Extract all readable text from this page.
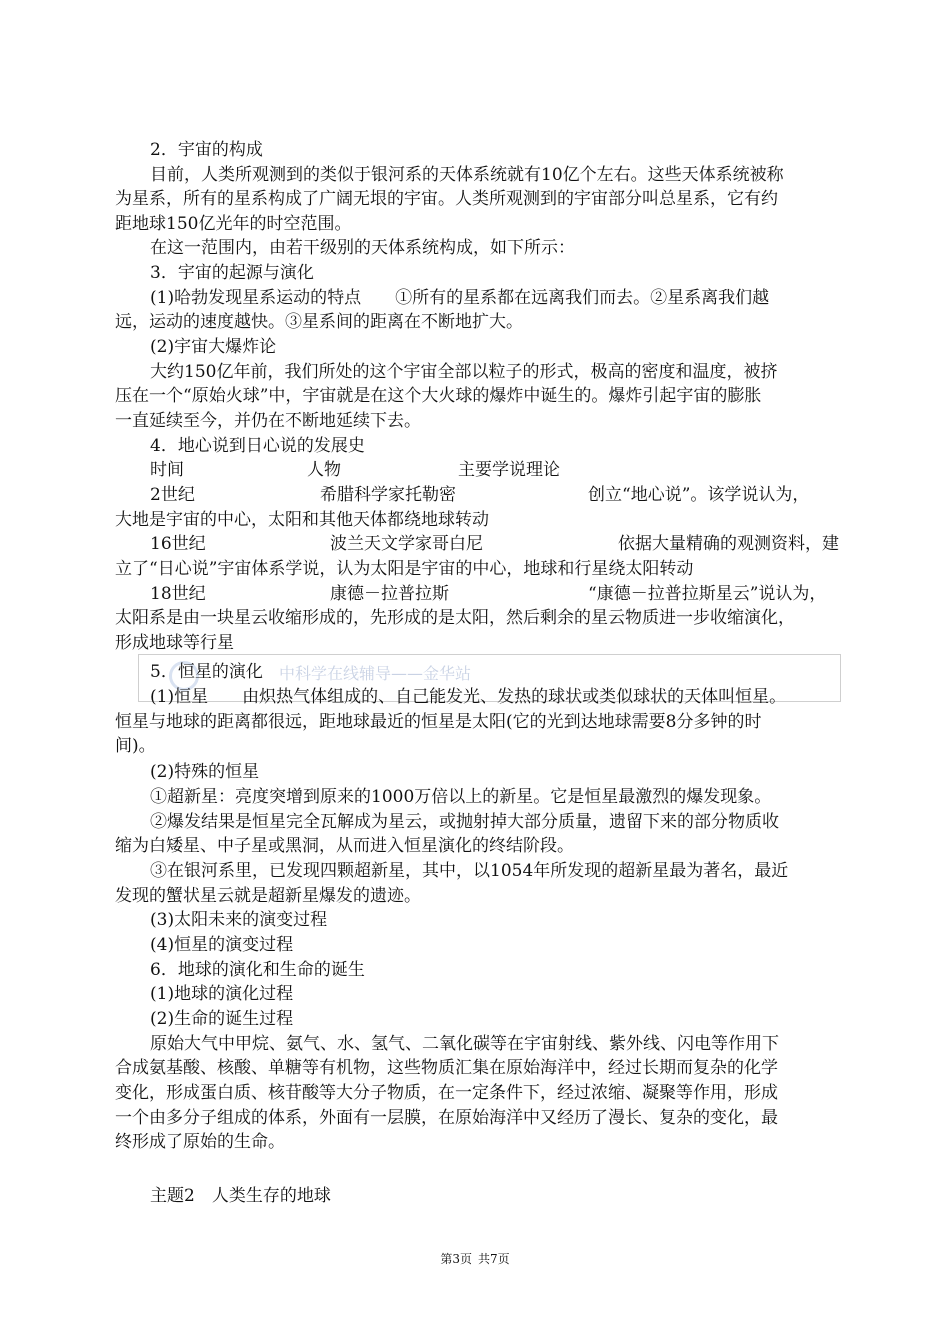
2．宇宙的构成
目前，人类所观测到的类似于银河系的天体系统就有10亿个左右。这些天体系统被称
为星系，所有的星系构成了广阔无垠的宇宙。人类所观测到的宇宙部分叫总星系，它有约
距地球150亿光年的时空范围。
在这一范围内，由若干级别的天体系统构成，如下所示：
3．宇宙的起源与演化
(1)哈勃发现星系运动的特点　　①所有的星系都在远离我们而去。②星系离我们越
远，运动的速度越快。③星系间的距离在不断地扩大。
(2)宇宙大爆炸论
大约150亿年前，我们所处的这个宇宙全部以粒子的形式，极高的密度和温度，被挤
压在一个“原始火球”中，宇宙就是在这个大火球的爆炸中诞生的。爆炸引起宇宙的膨胀
一直延续至今，并仍在不断地延续下去。
4．地心说到日心说的发展史
时间	人物	主要学说理论
2世纪	希腊科学家托勒密	创立“地心说”。该学说认为，
大地是宇宙的中心，太阳和其他天体都绕地球转动
16世纪	波兰天文学家哥白尼	依据大量精确的观测资料，建
立了“日心说”宇宙体系学说，认为太阳是宇宙的中心，地球和行星绕太阳转动
18世纪	康德－拉普拉斯	“康德－拉普拉斯星云”说认为，
太阳系是由一块星云收缩形成的，先形成的是太阳，然后剩余的星云物质进一步收缩演化，
形成地球等行星
中科学在线辅导——金华站
5．恒星的演化
(1)恒星　　由炽热气体组成的、自己能发光、发热的球状或类似球状的天体叫恒星。
恒星与地球的距离都很远，距地球最近的恒星是太阳(它的光到达地球需要8分多钟的时
间)。
(2)特殊的恒星
①超新星：亮度突增到原来的1000万倍以上的新星。它是恒星最激烈的爆发现象。
②爆发结果是恒星完全瓦解成为星云，或抛射掉大部分质量，遗留下来的部分物质收
缩为白矮星、中子星或黑洞，从而进入恒星演化的终结阶段。
③在银河系里，已发现四颗超新星，其中，以1054年所发现的超新星最为著名，最近
发现的蟹状星云就是超新星爆发的遗迹。
(3)太阳未来的演变过程
(4)恒星的演变过程
6．地球的演化和生命的诞生
(1)地球的演化过程
(2)生命的诞生过程
原始大气中甲烷、氨气、水、氢气、二氧化碳等在宇宙射线、紫外线、闪电等作用下
合成氨基酸、核酸、单糖等有机物，这些物质汇集在原始海洋中，经过长期而复杂的化学
变化，形成蛋白质、核苷酸等大分子物质，在一定条件下，经过浓缩、凝聚等作用，形成
一个由多分子组成的体系，外面有一层膜，在原始海洋中又经历了漫长、复杂的变化，最
终形成了原始的生命。
主题2　人类生存的地球
第3页 共7页
